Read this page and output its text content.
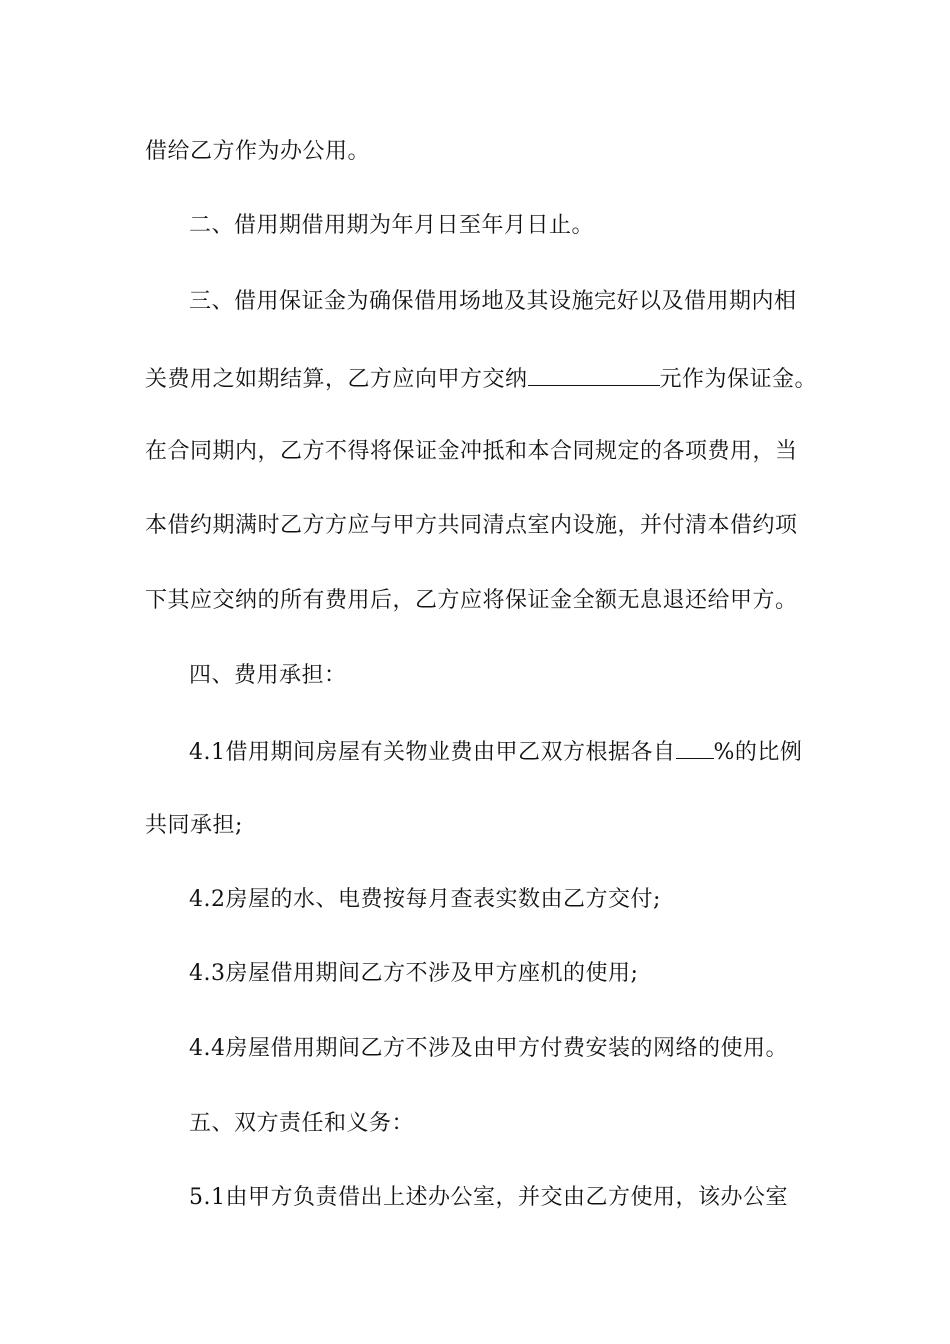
借给乙方作为办公用。
二、借用期借用期为年月日至年月日止。
三、借用保证金为确保借用场地及其设施完好以及借用期内相
关费用之如期结算，乙方应向甲方交纳	元作为保证金。
在合同期内，乙方不得将保证金冲抵和本合同规定的各项费用，当
本借约期满时乙方方应与甲方共同清点室内设施，并付清本借约项
下其应交纳的所有费用后，乙方应将保证金全额无息退还给甲方。
四、费用承担：
4.1借用期间房屋有关物业费由甲乙双方根据各自 %的比例
共同承担;
4.2房屋的水、电费按每月查表实数由乙方交付;
4.3房屋借用期间乙方不涉及甲方座机的使用;
4.4房屋借用期间乙方不涉及由甲方付费安装的网络的使用。
五、双方责任和义务：
5.1由甲方负责借出上述办公室，并交由乙方使用，该办公室
